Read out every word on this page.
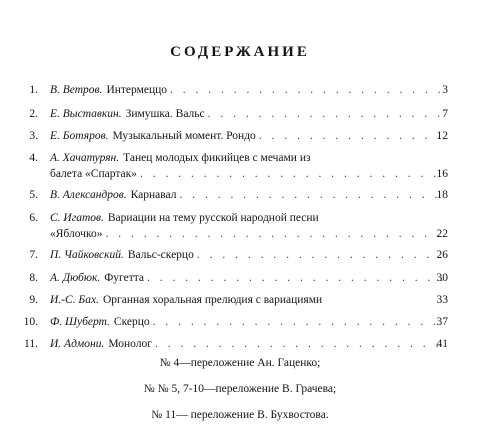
СОДЕРЖАНИЕ
1. В. Ветров. Интермеццо . . .	3
2. Е. Выставкин. Зимушка. Вальс . . .	7
3. Е. Ботяров. Музыкальный момент. Рондо . . .	12
4. А. Хачатурян. Танец молодых фикийцев с мечами из
балета «Спартак» . . .	16
5. В. Александров. Карнавал . . .	18
6. С. Игатов. Вариации на тему русской народной песни
«Яблочко» . . .	22
7. П. Чайковский. Вальс-скерцо . . .	26
8. А. Дюбюк. Фугетта . . .	30
9. И.-С. Бах. Органная хоральная прелюдия с вариациями	33
10. Ф. Шуберт. Скерцо . . .	37
11. И. Адмони. Монолог . . .	41
№ 4—переложение Ан. Гаценко;
№ № 5, 7-10—переложение В. Грачева;
№ 11— переложение В. Бухвостова.
